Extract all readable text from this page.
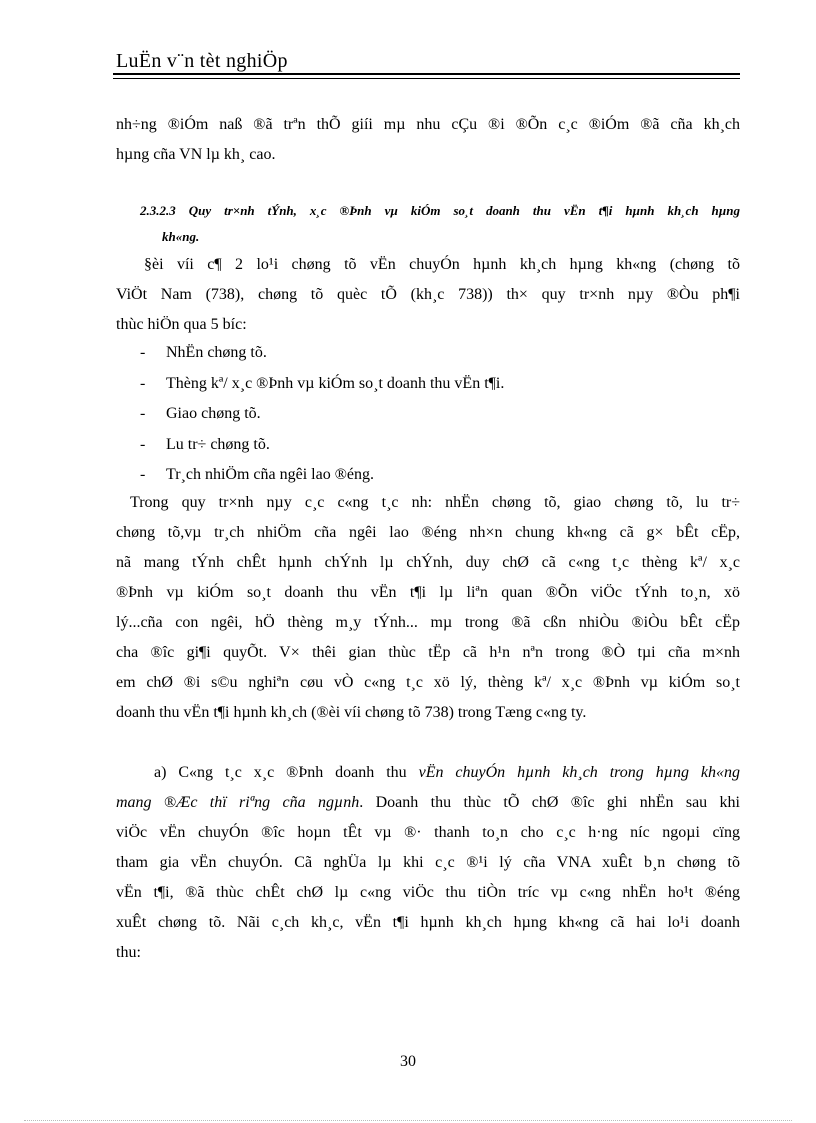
LuËn v¨n tèt nghiÖp
nh÷ng ®iÓm naß ®ã trªn thÕ giíi mµ nhu cÇu ®i ®Õn c¸c ®iÓm ®ã cña kh¸ch
hµng cña VN lµ kh¸ cao.
2.3.2.3 Quy tr×nh tÝnh, x¸c ®Þnh vµ kiÓm so¸t doanh thu vËn t¶i hµnh kh¸ch hµng
kh«ng.
§èi víi c¶ 2 lo¹i chøng tõ vËn chuyÓn hµnh kh¸ch hµng kh«ng (chøng tõ
ViÖt Nam (738), chøng tõ quèc tÕ (kh¸c 738)) th× quy tr×nh nµy ®Òu ph¶i
thùc hiÖn qua 5 bíc:
-	NhËn chøng tõ.
-	Thèng kª/ x¸c ®Þnh vµ kiÓm so¸t doanh thu vËn t¶i.
-	Giao chøng tõ.
-	Lu tr÷ chøng tõ.
-	Tr¸ch nhiÖm cña ngêi lao ®éng.
Trong quy tr×nh nµy c¸c c«ng t¸c nh: nhËn chøng tõ, giao chøng tõ, lu tr÷
chøng tõ,vµ tr¸ch nhiÖm cña ngêi lao ®éng nh×n chung kh«ng cã g× bÊt cËp,
nã mang tÝnh chÊt hµnh chÝnh lµ chÝnh, duy chØ cã c«ng t¸c thèng kª/ x¸c
®Þnh vµ kiÓm so¸t doanh thu vËn t¶i lµ liªn quan ®Õn viÖc tÝnh to¸n, xö
lý...cña con ngêi, hÖ thèng m¸y tÝnh... mµ trong ®ã cßn nhiÒu ®iÒu bÊt cËp
cha ®îc gi¶i quyÕt. V× thêi gian thùc tËp cã h¹n nªn trong ®Ò tµi cña m×nh
em chØ ®i s©u nghiªn cøu vÒ c«ng t¸c xö lý, thèng kª/ x¸c ®Þnh vµ kiÓm so¸t
doanh thu vËn t¶i hµnh kh¸ch (®èi víi chøng tõ 738) trong Tæng c«ng ty.
a) C«ng t¸c x¸c ®Þnh doanh thu vËn chuyÓn hµnh kh¸ch trong hµng kh«ng
mang ®Æc thï riªng cña ngµnh. Doanh thu thùc tÕ chØ ®îc ghi nhËn sau khi
viÖc vËn chuyÓn ®îc hoµn tÊt vµ ®· thanh to¸n cho c¸c h·ng níc ngoµi cïng
tham gia vËn chuyÓn. Cã nghÜa lµ khi c¸c ®¹i lý cña VNA xuÊt b¸n chøng tõ
vËn t¶i, ®ã thùc chÊt chØ lµ c«ng viÖc thu tiÒn tríc vµ c«ng nhËn ho¹t ®éng
xuÊt chøng tõ. Nãi c¸ch kh¸c, vËn t¶i hµnh kh¸ch hµng kh«ng cã hai lo¹i doanh
thu:
30
